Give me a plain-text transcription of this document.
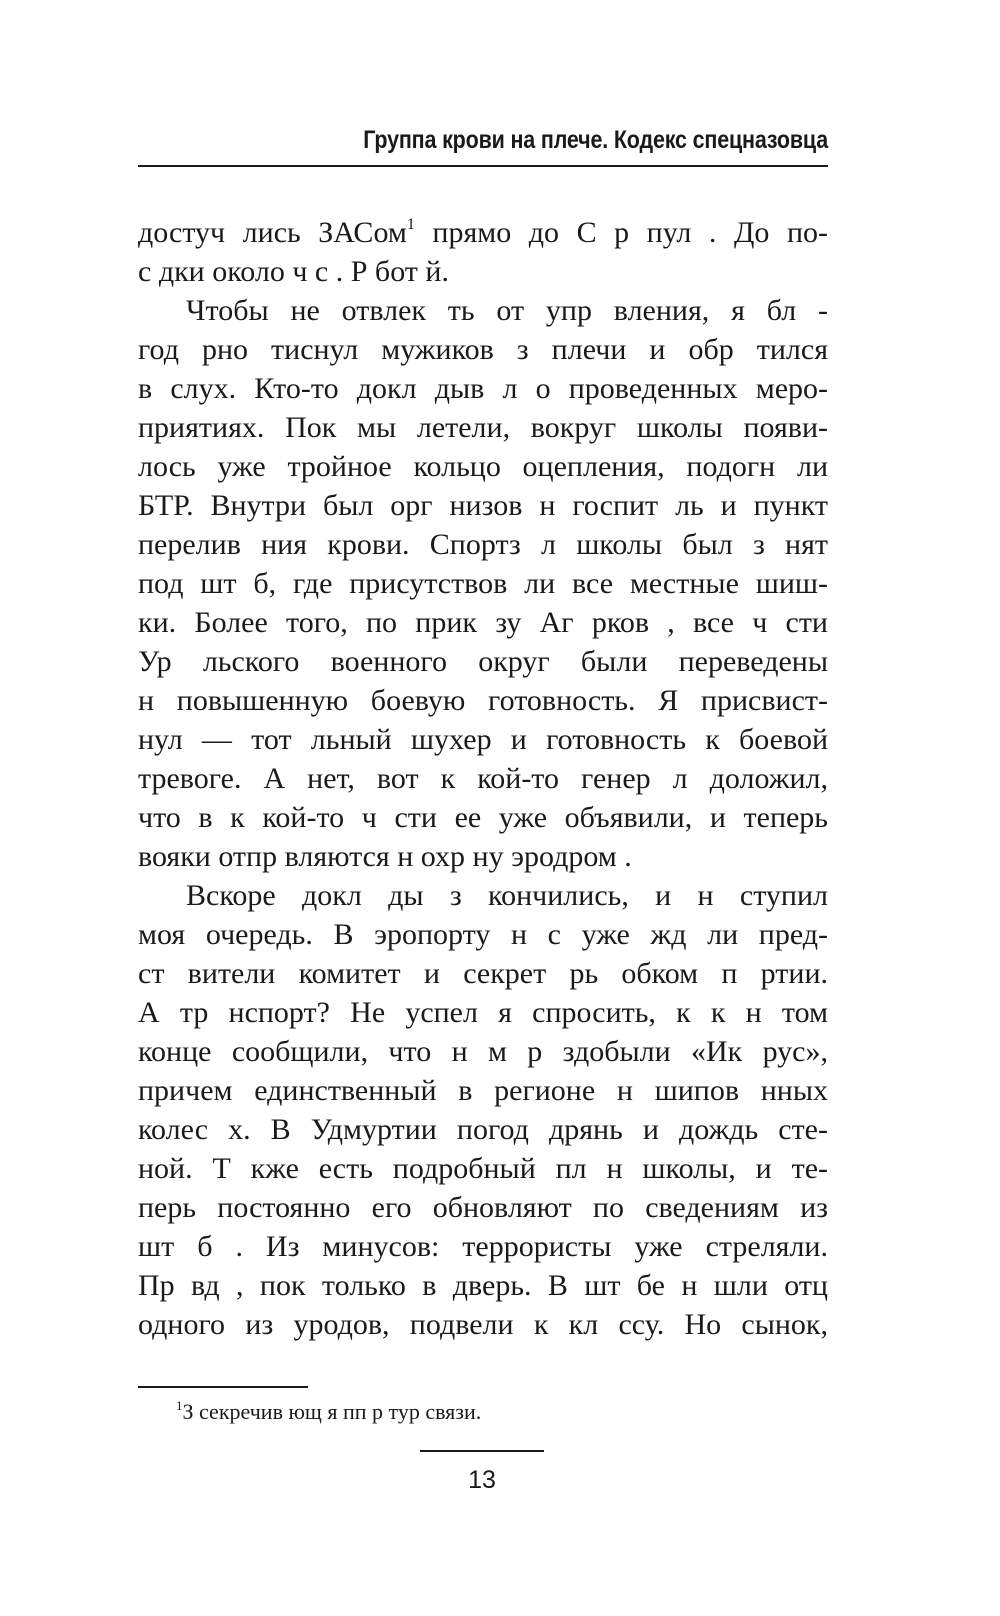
Группа крови на плече. Кодекс спецназовца
достуч лись ЗАСом$^1$ прямо до С р пул . До по-
с дки около ч с . Р бот й.
Чтобы не отвлек ть от упр вления, я бл -
год рно тиснул мужиков з плечи и обр тился
в слух. Кто-то докл дыв л о проведенных меро-
приятиях. Пок мы летели, вокруг школы появи-
лось уже тройное кольцо оцепления, подогн ли
БТР. Внутри был орг низов н госпит ль и пункт
перелив ния крови. Спортз л школы был з нят
под шт б, где присутствов ли все местные шиш-
ки. Более того, по прик зу Аг рков , все ч сти
Ур льского военного округ были переведены
н повышенную боевую готовность. Я присвист-
нул — тот льный шухер и готовность к боевой
тревоге. А нет, вот к кой-то генер л доложил,
что в к кой-то ч сти ее уже объявили, и теперь
вояки отпр вляются н охр ну эродром .
Вскоре докл ды з кончились, и н ступил
моя очередь. В эропорту н с уже жд ли пред-
ст вители комитет и секрет рь обком п ртии.
А тр нспорт? Не успел я спросить, к к н том
конце сообщили, что н м р здобыли «Ик рус»,
причем единственный в регионе н шипов нных
колес х. В Удмуртии погод дрянь и дождь сте-
ной. Т кже есть подробный пл н школы, и те-
перь постоянно его обновляют по сведениям из
шт б . Из минусов: террористы уже стреляли.
Пр вд , пок только в дверь. В шт бе н шли отц
одного из уродов, подвели к кл ссу. Но сынок,
$^1$З секречив ющ я пп р тур связи.
13
